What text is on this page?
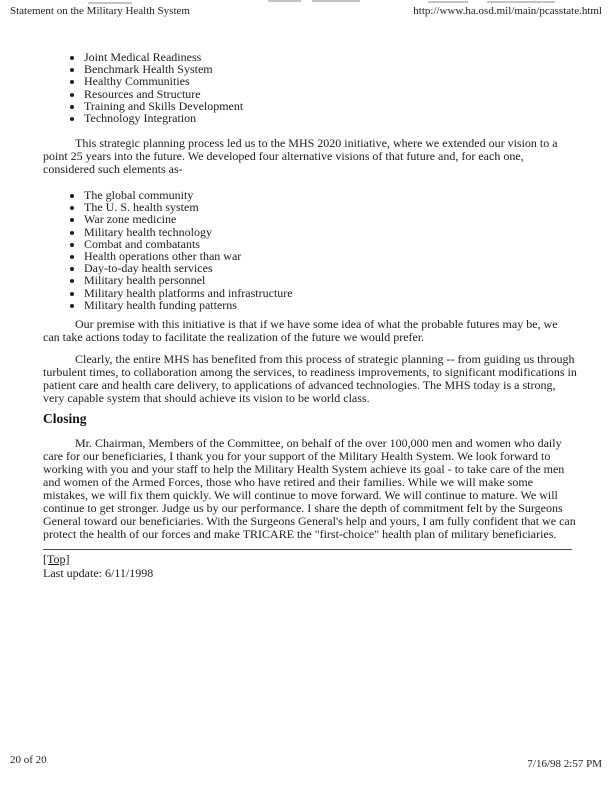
Statement on the Military Health System	http://www.ha.osd.mil/main/pcasstate.html
• Joint Medical Readiness
• Benchmark Health System
• Healthy Communities
• Resources and Structure
• Training and Skills Development
• Technology Integration

This strategic planning process led us to the MHS 2020 initiative, where we extended our vision to a point 25 years into the future. We developed four alternative visions of that future and, for each one, considered such elements as-

• The global community
• The U. S. health system
• War zone medicine
• Military health technology
• Combat and combatants
• Health operations other than war
• Day-to-day health services
• Military health personnel
• Military health platforms and infrastructure
• Military health funding patterns

Our premise with this initiative is that if we have some idea of what the probable futures may be, we can take actions today to facilitate the realization of the future we would prefer.

Clearly, the entire MHS has benefited from this process of strategic planning -- from guiding us through turbulent times, to collaboration among the services, to readiness improvements, to significant modifications in patient care and health care delivery, to applications of advanced technologies. The MHS today is a strong, very capable system that should achieve its vision to be world class.

Closing

Mr. Chairman, Members of the Committee, on behalf of the over 100,000 men and women who daily care for our beneficiaries, I thank you for your support of the Military Health System. We look forward to working with you and your staff to help the Military Health System achieve its goal - to take care of the men and women of the Armed Forces, those who have retired and their families. While we will make some mistakes, we will fix them quickly. We will continue to move forward. We will continue to mature. We will continue to get stronger. Judge us by our performance. I share the depth of commitment felt by the Surgeons General toward our beneficiaries. With the Surgeons General's help and yours, I am fully confident that we can protect the health of our forces and make TRICARE the "first-choice" health plan of military beneficiaries.

[Top]
Last update: 6/11/1998
20 of 20	7/16/98 2:57 PM
